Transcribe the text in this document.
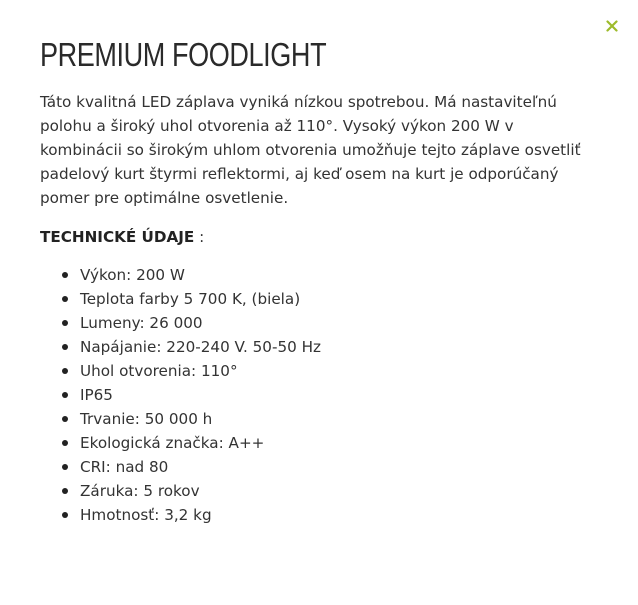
PREMIUM FOODLIGHT

Táto kvalitná LED záplava vyniká nízkou spotrebou. Má nastaviteľnú polohu a široký uhol otvorenia až 110°. Vysoký výkon 200 W v kombinácii so širokým uhlom otvorenia umožňuje tejto záplave osvetliť padelový kurt štyrmi reflektormi, aj keď osem na kurt je odporúčaný pomer pre optimálne osvetlenie.

TECHNICKÉ ÚDAJE :

Výkon: 200 W
Teplota farby 5 700 K, (biela)
Lumeny: 26 000
Napájanie: 220-240 V. 50-50 Hz
Uhol otvorenia: 110°
IP65
Trvanie: 50 000 h
Ekologická značka: A++
CRI: nad 80
Záruka: 5 rokov
Hmotnosť: 3,2 kg
